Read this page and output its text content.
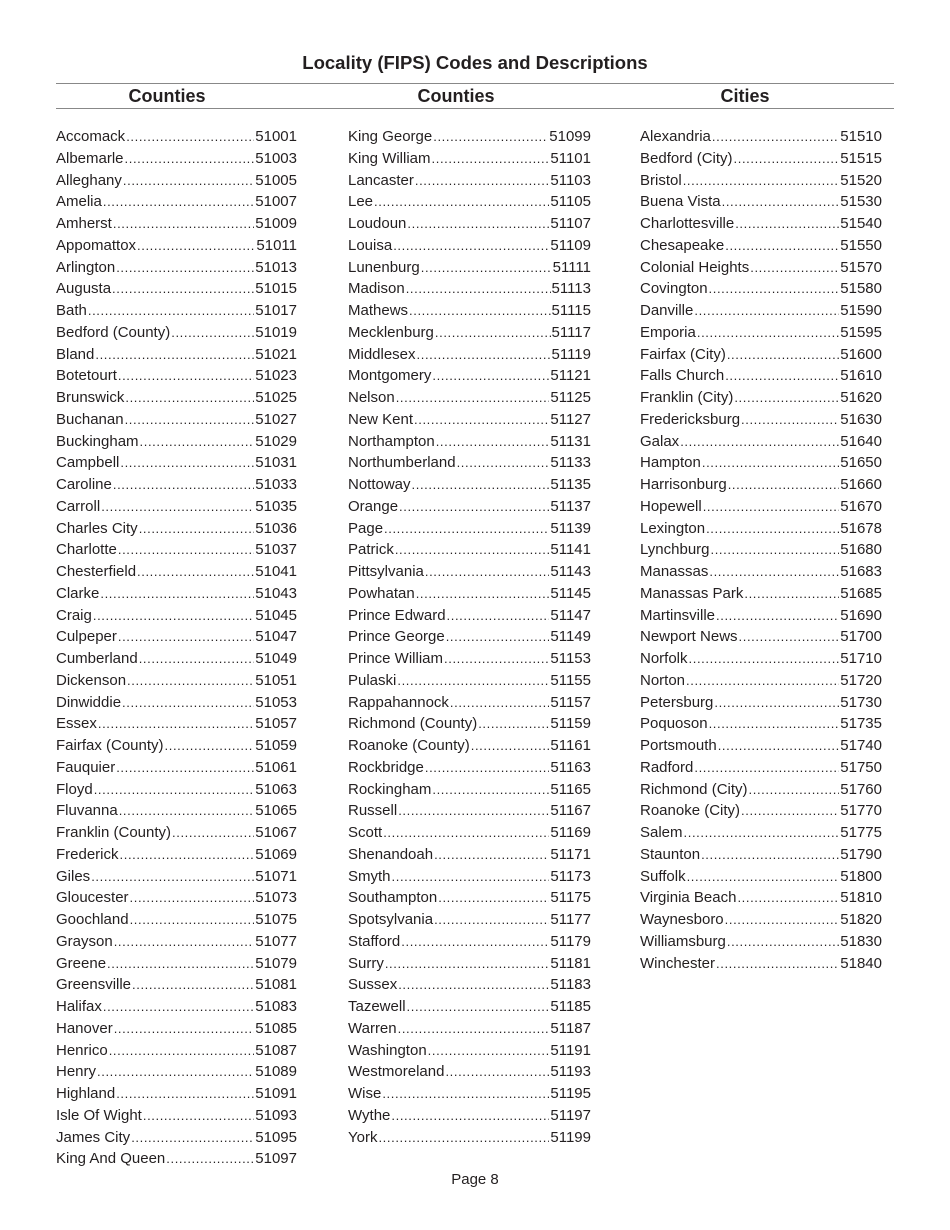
Locality (FIPS) Codes and Descriptions
Counties	Counties	Cities
Accomack .....	51001
Albemarle .....	51003
Alleghany .....	51005
Amelia .....	51007
Amherst .....	51009
Appomattox .....	51011
Arlington .....	51013
Augusta .....	51015
Bath .....	51017
Bedford (County) .....	51019
Bland .....	51021
Botetourt .....	51023
Brunswick .....	51025
Buchanan .....	51027
Buckingham .....	51029
Campbell .....	51031
Caroline .....	51033
Carroll .....	51035
Charles City .....	51036
Charlotte .....	51037
Chesterfield .....	51041
Clarke .....	51043
Craig .....	51045
Culpeper .....	51047
Cumberland .....	51049
Dickenson .....	51051
Dinwiddie .....	51053
Essex .....	51057
Fairfax (County) .....	51059
Fauquier .....	51061
Floyd .....	51063
Fluvanna .....	51065
Franklin (County) .....	51067
Frederick .....	51069
Giles .....	51071
Gloucester .....	51073
Goochland .....	51075
Grayson .....	51077
Greene .....	51079
Greensville .....	51081
Halifax .....	51083
Hanover .....	51085
Henrico .....	51087
Henry .....	51089
Highland .....	51091
Isle Of Wight .....	51093
James City .....	51095
King And Queen .....	51097
King George .....	51099
King William .....	51101
Lancaster .....	51103
Lee .....	51105
Loudoun .....	51107
Louisa .....	51109
Lunenburg .....	51111
Madison .....	51113
Mathews .....	51115
Mecklenburg .....	51117
Middlesex .....	51119
Montgomery .....	51121
Nelson .....	51125
New Kent .....	51127
Northampton .....	51131
Northumberland .....	51133
Nottoway .....	51135
Orange .....	51137
Page .....	51139
Patrick .....	51141
Pittsylvania .....	51143
Powhatan .....	51145
Prince Edward .....	51147
Prince George .....	51149
Prince William .....	51153
Pulaski .....	51155
Rappahannock .....	51157
Richmond (County) .....	51159
Roanoke (County) .....	51161
Rockbridge .....	51163
Rockingham .....	51165
Russell .....	51167
Scott .....	51169
Shenandoah .....	51171
Smyth .....	51173
Southampton .....	51175
Spotsylvania .....	51177
Stafford .....	51179
Surry .....	51181
Sussex .....	51183
Tazewell .....	51185
Warren .....	51187
Washington .....	51191
Westmoreland .....	51193
Wise .....	51195
Wythe .....	51197
York .....	51199
Alexandria .....	51510
Bedford (City) .....	51515
Bristol .....	51520
Buena Vista .....	51530
Charlottesville .....	51540
Chesapeake .....	51550
Colonial Heights .....	51570
Covington .....	51580
Danville .....	51590
Emporia .....	51595
Fairfax (City) .....	51600
Falls Church .....	51610
Franklin (City) .....	51620
Fredericksburg .....	51630
Galax .....	51640
Hampton .....	51650
Harrisonburg .....	51660
Hopewell .....	51670
Lexington .....	51678
Lynchburg .....	51680
Manassas .....	51683
Manassas Park .....	51685
Martinsville .....	51690
Newport News .....	51700
Norfolk .....	51710
Norton .....	51720
Petersburg .....	51730
Poquoson .....	51735
Portsmouth .....	51740
Radford .....	51750
Richmond (City) .....	51760
Roanoke (City) .....	51770
Salem .....	51775
Staunton .....	51790
Suffolk .....	51800
Virginia Beach .....	51810
Waynesboro .....	51820
Williamsburg .....	51830
Winchester .....	51840
Page 8
